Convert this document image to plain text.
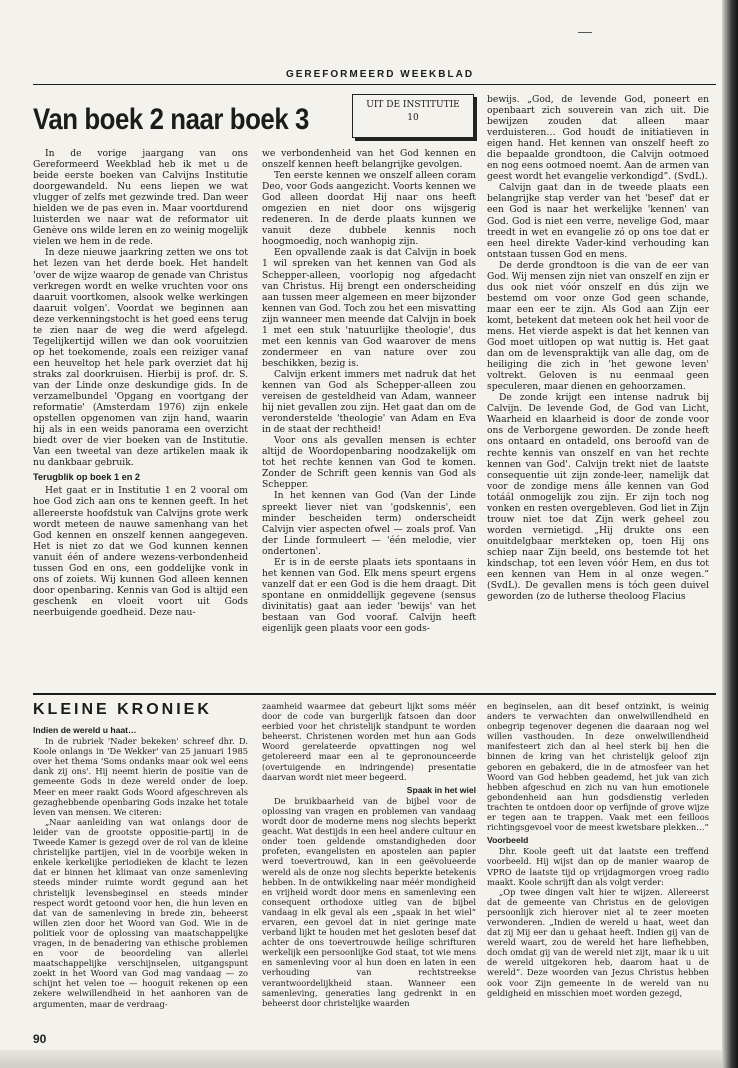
GEREFORMEERD WEEKBLAD
Van boek 2 naar boek 3	UIT DE INSTITUTIE
10

In de vorige jaargang van ons Gereformeerd Weekblad heb ik met u de beide eerste boeken van Calvijns Institutie doorgewandeld. Nu eens liepen we wat vlugger of zelfs met gezwinde tred. Dan weer hielden we de pas even in. Maar voortdurend luisterden we naar wat de reformator uit Genève ons wilde leren en zo weinig mogelijk vielen we hem in de rede.

In deze nieuwe jaarkring zetten we ons tot het lezen van het derde boek. Het handelt 'over de wijze waarop de genade van Christus verkregen wordt en welke vruchten voor ons daaruit voortkomen, alsook welke werkingen daaruit volgen'. Voordat we beginnen aan deze verkenningstocht is het goed eens terug te zien naar de weg die werd afgelegd. Tegelijkertijd willen we dan ook vooruitzien op het toekomende, zoals een reiziger vanaf een heuveltop het hele park overziet dat hij straks zal doorkruisen. Hierbij is prof. dr. S. van der Linde onze deskundige gids. In de verzamelbundel 'Opgang en voortgang der reformatie' (Amsterdam 1976) zijn enkele opstellen opgenomen van zijn hand, waarin hij als in een weids panorama een overzicht biedt over de vier boeken van de Institutie. Van een tweetal van deze artikelen maak ik nu dankbaar gebruik.

Terugblik op boek 1 en 2

Het gaat er in Institutie 1 en 2 vooral om hoe God zich aan ons te kennen geeft. In het allereerste hoofdstuk van Calvijns grote werk wordt meteen de nauwe samenhang van het God kennen en onszelf kennen aangegeven. Het is niet zo dat we God kunnen kennen vanuit één of andere wezens-verbondenheid tussen God en ons, een goddelijke vonk in ons of zoiets. Wij kunnen God alleen kennen door openbaring. Kennis van God is altijd een geschenk en vloeit voort uit Gods neerbuigende goedheid. Deze nau-

we verbondenheid van het God kennen en onszelf kennen heeft belangrijke gevolgen.

Ten eerste kennen we onszelf alleen coram Deo, voor Gods aangezicht. Voorts kennen we God alleen doordat Hij naar ons heeft omgezien en niet door ons wijsgerig redeneren. In de derde plaats kunnen we vanuit deze dubbele kennis noch hoogmoedig, noch wanhopig zijn.

Een opvallende zaak is dat Calvijn in boek 1 wil spreken van het kennen van God als Schepper-alleen, voorlopig nog afgedacht van Christus. Hij brengt een onderscheiding aan tussen meer algemeen en meer bijzonder kennen van God. Toch zou het een misvatting zijn wanneer men meende dat Calvijn in boek 1 met een stuk 'natuurlijke theologie', dus met een kennis van God waarover de mens zondermeer en van nature over zou beschikken, bezig is.

Calvijn erkent immers met nadruk dat het kennen van God als Schepper-alleen zou vereisen de gesteldheid van Adam, wanneer hij niet gevallen zou zijn. Het gaat dan om de veronderstelde 'theologie' van Adam en Eva in de staat der rechtheid!

Voor ons als gevallen mensen is echter altijd de Woordopenbaring noodzakelijk om tot het rechte kennen van God te komen. Zonder de Schrift geen kennis van God als Schepper.

In het kennen van God (Van der Linde spreekt liever niet van 'godskennis', een minder bescheiden term) onderscheidt Calvijn vier aspecten ofwel — zoals prof. Van der Linde formuleert — 'één melodie, vier ondertonen'.

Er is in de eerste plaats iets spontaans in het kennen van God. Elk mens speurt ergens vanzelf dat er een God is die hem draagt. Dit spontane en onmiddellijk gegevene (sensus divinitatis) gaat aan ieder 'bewijs' van het bestaan van God vooraf. Calvijn heeft eigenlijk geen plaats voor een gods-

bewijs. „God, de levende God, poneert en openbaart zich souverein van zich uit. Die bewijzen zouden dat alleen maar verduisteren… God houdt de initiatieven in eigen hand. Het kennen van onszelf heeft zo die bepaalde grondtoon, die Calvijn ootmoed en nog eens ootmoed noemt. Aan de armen van geest wordt het evangelie verkondigd”. (SvdL).

Calvijn gaat dan in de tweede plaats een belangrijke stap verder van het 'besef' dat er een God is naar het werkelijke 'kennen' van God. God is niet een verre, nevelige God, maar treedt in wet en evangelie zó op ons toe dat er een heel direkte Vader-kind verhouding kan ontstaan tussen God en mens.

De derde grondtoon is die van de eer van God. Wij mensen zijn niet van onszelf en zijn er dus ook niet vóór onszelf en dús zijn we bestemd om voor onze God geen schande, maar een eer te zijn. Als God aan Zijn eer komt, betekent dat meteen ook het heil voor de mens. Het vierde aspekt is dat het kennen van God moet uitlopen op wat nuttig is. Het gaat dan om de levenspraktijk van alle dag, om de heiliging die zich in 'het gewone leven' voltrekt. Geloven is nu eenmaal geen speculeren, maar dienen en gehoorzamen.

De zonde krijgt een intense nadruk bij Calvijn. De levende God, de God van Licht, Waarheid en klaarheid is door de zonde voor ons de Verborgene geworden. De zonde heeft ons ontaard en ontadeld, ons beroofd van de rechte kennis van onszelf en van het rechte kennen van God'. Calvijn trekt niet de laatste consequentie uit zijn zonde-leer, namelijk dat voor de zondige mens álle kennen van God totáál onmogelijk zou zijn. Er zijn toch nog vonken en resten overgebleven. God liet in Zijn trouw niet toe dat Zijn werk geheel zou worden vernietigd. „Hij drukte ons een onuitdelgbaar merkteken op, toen Hij ons schiep naar Zijn beeld, ons bestemde tot het kindschap, tot een leven vóór Hem, en dus tot een kennen van Hem in al onze wegen.” (SvdL). De gevallen mens is tóch geen duivel geworden (zo de lutherse theoloog Flacius

KLEINE KRONIEK
Indien de wereld u haat…

In de rubriek 'Nader bekeken' schreef dhr. D. Koole onlangs in 'De Wekker' van 25 januari 1985 over het thema 'Soms ondanks maar ook wel eens dank zij ons'. Hij neemt hierin de positie van de gemeente Gods in deze wereld onder de loep. Meer en meer raakt Gods Woord afgeschreven als gezaghebbende openbaring Gods inzake het totale leven van mensen. We citeren:

„Naar aanleiding van wat onlangs door de leider van de grootste oppositie-partij in de Tweede Kamer is gezegd over de rol van de kleine christelijke partijen, viel in de voorbije weken in enkele kerkelijke periodieken de klacht te lezen dat er binnen het klimaat van onze samenleving steeds minder ruimte wordt gegund aan het christelijk levensbeginsel en steeds minder respect wordt getoond voor hen, die hun leven en dat van de samenleving in brede zin, beheerst willen zien door het Woord van God. Wie in de politiek voor de oplossing van maatschappelijke vragen, in de benadering van ethische problemen en voor de beoordeling van allerlei maatschappelijke verschijnselen, uitgangspunt zoekt in het Woord van God mag vandaag — zo schijnt het velen toe — hooguit rekenen op een zekere welwillendheid in het aanhoren van de argumenten, maar de verdraag-

zaamheid waarmee dat gebeurt lijkt soms méér door de code van burgerlijk fatsoen dan door eerbied voor het christelijk standpunt te worden beheerst. Christenen worden met hun aan Gods Woord gerelateerde opvattingen nog wel getolereerd maar een al te gepronounceerde (overtuigende en indringende) presentatie daarvan wordt niet meer begeerd.

Spaak in het wiel

De bruikbaarheid van de bijbel voor de oplossing van vragen en problemen van vandaag wordt door de moderne mens nog slechts beperkt geacht. Wat destijds in een heel andere cultuur en onder toen geldende omstandigheden door profeten, evangelisten en apostelen aan papier werd toevertrouwd, kan in een geëvolueerde wereld als de onze nog slechts beperkte betekenis hebben. In de ontwikkeling naar méér mondigheid en vrijheid wordt door mens en samenleving een consequent orthodoxe uitleg van de bijbel vandaag in elk geval als een „spaak in het wiel” ervaren, een gevoel dat in niet geringe mate verband lijkt te houden met het gesloten besef dat achter de ons toevertrouwde heilige schrifturen werkelijk een persoonlijke God staat, tot wie mens en samenleving voor al hun doen en laten in een verhouding van rechtstreekse verantwoordelijkheid staan. Wanneer een samenleving, generaties lang gedrenkt in en beheerst door christelijke waarden

en beginselen, aan dit besef ontzinkt, is weinig anders te verwachten dan onwelwillendheid en onbegrip tegenover degenen die daaraan nog wel willen vasthouden. In deze onwelwillendheid manifesteert zich dan al heel sterk bij hen die binnen de kring van het christelijk geloof zijn geboren en gebakerd, die in de atmosfeer van het Woord van God hebben geademd, het juk van zich hebben afgeschud en zich nu van hun emotionele gebondenheid aan hun godsdienstig verleden trachten te ontdoen door op verfijnde of grove wijze er tegen aan te trappen. Vaak met een feilloos richtingsgevoel voor de meest kwetsbare plekken…”

Voorbeeld

Dhr. Koole geeft uit dat laatste een treffend voorbeeld. Hij wijst dan op de manier waarop de VPRO de laatste tijd op vrijdagmorgen vroeg radio maakt. Koole schrijft dan als volgt verder:

„Op twee dingen valt hier te wijzen. Allereerst dat de gemeente van Christus en de gelovigen persoonlijk zich hierover niet al te zeer moeten verwonderen. „Indien de wereld u haat, weet dan dat zij Mij eer dan u gehaat heeft. Indien gij van de wereld waart, zou de wereld het hare liefhebben, doch omdat gij van de wereld niet zijt, maar ik u uit de wereld uitgekoren heb, daarom haat u de wereld”. Deze woorden van Jezus Christus hebben ook voor Zijn gemeente in de wereld van nu geldigheid en misschien moet worden gezegd,

90
